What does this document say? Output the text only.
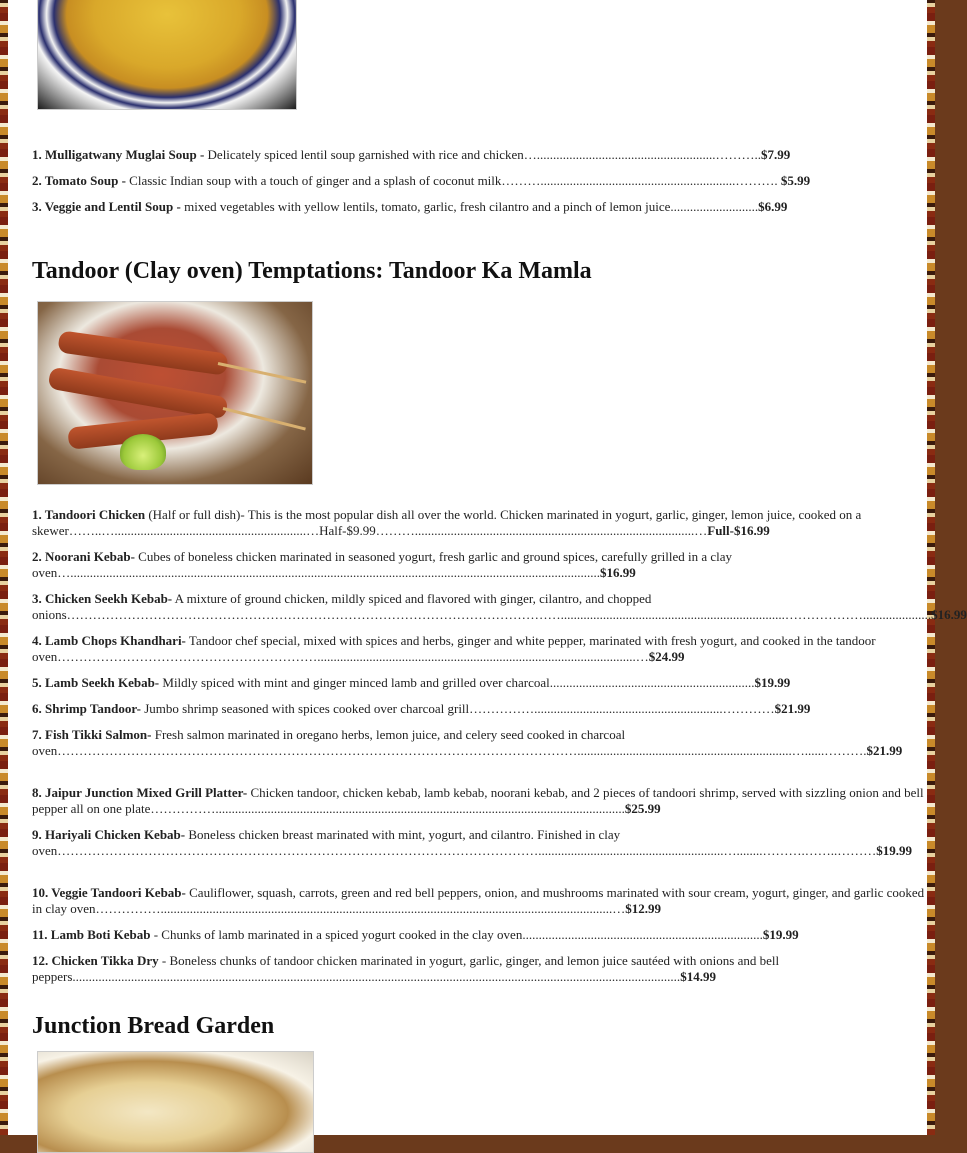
1. Mulligatwany Muglai Soup - Delicately spiced lentil soup garnished with rice and chicken….......................................................………..$7.99
2. Tomato Soup - Classic Indian soup with a touch of ginger and a splash of coconut milk………............................................................………. $5.99
3. Veggie and Lentil Soup - mixed vegetables with yellow lentils, tomato, garlic, fresh cilantro and a pinch of lemon juice...........................$6.99
Tandoor (Clay oven) Temptations: Tandoor Ka Mamla
1. Tandoori Chicken (Half or full dish)- This is the most popular dish all over the world. Chicken marinated in yogurt, garlic, ginger, lemon juice, cooked on a skewer……..…...........................................................…Half-$9.99………......................................................................................…Full-$16.99
2. Noorani Kebab- Cubes of boneless chicken marinated in seasoned yogurt, fresh garlic and ground spices, carefully grilled in a clay oven…...................................................................................................................................................................$16.99
3. Chicken Seekh Kebab- A mixture of ground chicken, mildly spiced and flavored with ginger, cilantro, and chopped onions…………………………………………………………………………………………………….....................................................................……………….....................$16.99
4. Lamb Chops Khandhari- Tandoor chef special, mixed with spices and herbs, ginger and white pepper, marinated with fresh yogurt, and cooked in the tandoor oven……………………………………………………..................................................................................................…$24.99
5. Lamb Seekh Kebab- Mildly spiced with mint and ginger minced lamb and grilled over charcoal...............................................................$19.99
6. Shrimp Tandoor- Jumbo shrimp seasoned with spices cooked over charcoal grill……………..........................................................…………$21.99
7. Fish Tikki Salmon- Fresh salmon marinated in oregano herbs, lemon juice, and celery seed cooked in charcoal oven…………………………………………………………………………………………………………..................................................................…......……….$21.99
8. Jaipur Junction Mixed Grill Platter- Chicken tandoor, chicken kebab, lamb kebab, noorani kebab, and 2 pieces of tandoori shrimp, served with sizzling onion and bell pepper all on one plate……………..............................................................................................................................$25.99
9. Hariyali Chicken Kebab- Boneless chicken breast marinated with mint, yogurt, and cilantro. Finished in clay oven………………………………………………………………………………………………….........................................................…........……….……..………$19.99
10. Veggie Tandoori Kebab- Cauliflower, squash, carrots, green and red bell peppers, onion, and mushrooms marinated with sour cream, yogurt, ginger, and garlic cooked in clay oven……………...........................................................................................................................................…$12.99
11. Lamb Boti Kebab - Chunks of lamb marinated in a spiced yogurt cooked in the clay oven..........................................................................$19.99
12. Chicken Tikka Dry - Boneless chunks of tandoor chicken marinated in yogurt, garlic, ginger, and lemon juice sautéed with onions and bell peppers...........................................................................................................................................................................................$14.99
Junction Bread Garden
